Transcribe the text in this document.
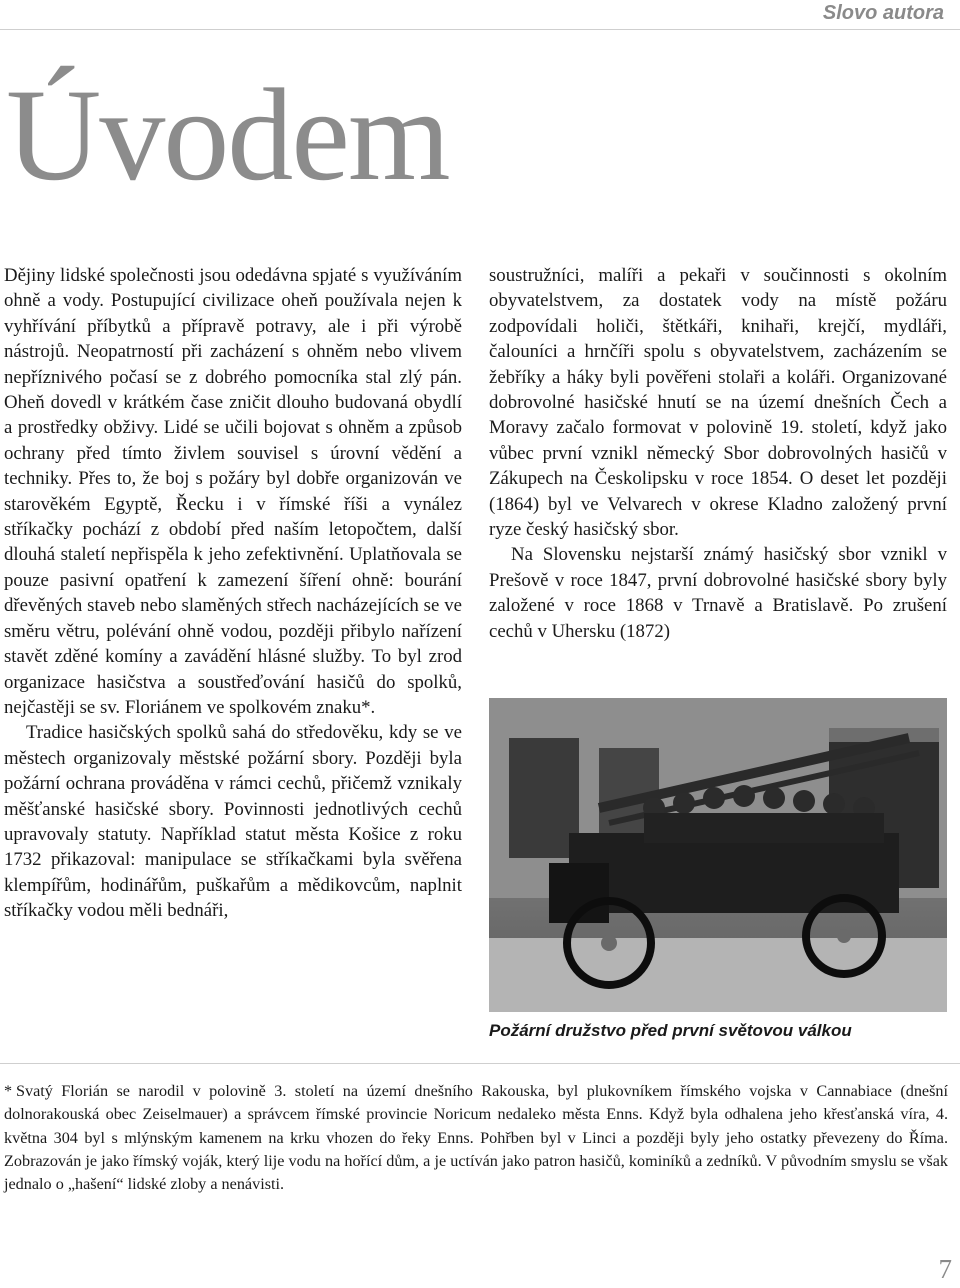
Slovo autora
Úvodem

Dějiny lidské společnosti jsou odedávna spjaté s využíváním ohně a vody. Postupující civilizace oheň používala nejen k vyhřívání příbytků a přípravě potravy, ale i při výrobě nástrojů. Neopatrností při zacházení s ohněm nebo vlivem nepříznivého počasí se z dobrého pomocníka stal zlý pán. Oheň dovedl v krátkém čase zničit dlouho budovaná obydlí a prostředky obživy. Lidé se učili bojovat s ohněm a způsob ochrany před tímto živlem souvisel s úrovní vědění a techniky. Přes to, že boj s požáry byl dobře organizován ve starověkém Egyptě, Řecku i v římské říši a vynález stříkačky pochází z období před naším letopočtem, další dlouhá staletí nepřispěla k jeho zefektivnění. Uplatňovala se pouze pasivní opatření k zamezení šíření ohně: bourání dřevěných staveb nebo slaměných střech nacházejících se ve směru větru, polévání ohně vodou, později přibylo nařízení stavět zděné komíny a zavádění hlásné služby. To byl zrod organizace hasičstva a soustřeďování hasičů do spolků, nejčastěji se sv. Floriánem ve spolkovém znaku*.

Tradice hasičských spolků sahá do středověku, kdy se ve městech organizovaly městské požární sbory. Později byla požární ochrana prováděna v rámci cechů, přičemž vznikaly měšťanské hasičské sbory. Povinnosti jednotlivých cechů upravovaly statuty. Například statut města Košice z roku 1732 přikazoval: manipulace se stříkačkami byla svěřena klempířům, hodinářům, puškařům a mědikovcům, naplnit stříkačky vodou měli bednáři,

soustružníci, malíři a pekaři v součinnosti s okolním obyvatelstvem, za dostatek vody na místě požáru zodpovídali holiči, štětkáři, knihaři, krejčí, mydláři, čalouníci a hrnčíři spolu s obyvatelstvem, zacházením se žebříky a háky byli pověřeni stolaři a koláři. Organizované dobrovolné hasičské hnutí se na území dnešních Čech a Moravy začalo formovat v polovině 19. století, když jako vůbec první vznikl německý Sbor dobrovolných hasičů v Zákupech na Českolipsku v roce 1854. O deset let později (1864) byl ve Velvarech v okrese Kladno založený první ryze český hasičský sbor.

Na Slovensku nejstarší známý hasičský sbor vznikl v Prešově v roce 1847, první dobrovolné hasičské sbory byly založené v roce 1868 v Trnavě a Bratislavě. Po zrušení cechů v Uhersku (1872)

Požární družstvo před první světovou válkou
* Svatý Florián se narodil v polovině 3. století na území dnešního Rakouska, byl plukovníkem římského vojska v Cannabiace (dnešní dolnorakouská obec Zeiselmauer) a správcem římské provincie Noricum nedaleko města Enns. Když byla odhalena jeho křesťanská víra, 4. května 304 byl s mlýnským kamenem na krku vhozen do řeky Enns. Pohřben byl v Linci a později byly jeho ostatky převezeny do Říma. Zobrazován je jako římský voják, který lije vodu na hořící dům, a je uctíván jako patron hasičů, kominíků a zedníků. V původním smyslu se však jednalo o „hašení“ lidské zloby a nenávisti.
7
